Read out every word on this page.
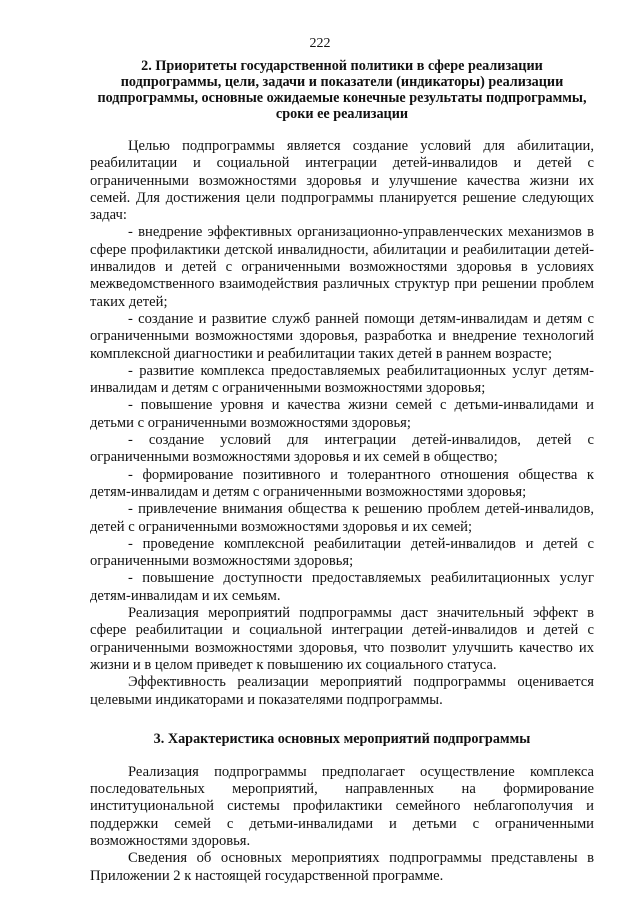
222
2. Приоритеты государственной политики в сфере реализации подпрограммы, цели, задачи и показатели (индикаторы) реализации подпрограммы, основные ожидаемые конечные результаты подпрограммы, сроки ее реализации

Целью подпрограммы является создание условий для абилитации, реабилитации и социальной интеграции детей-инвалидов и детей с ограниченными возможностями здоровья и улучшение качества жизни их семей. Для достижения цели подпрограммы планируется решение следующих задач:

- внедрение эффективных организационно-управленческих механизмов в сфере профилактики детской инвалидности, абилитации и реабилитации детей-инвалидов и детей с ограниченными возможностями здоровья в условиях межведомственного взаимодействия различных структур при решении проблем таких детей;

- создание и развитие служб ранней помощи детям-инвалидам и детям с ограниченными возможностями здоровья, разработка и внедрение технологий комплексной диагностики и реабилитации таких детей в раннем возрасте;

- развитие комплекса предоставляемых реабилитационных услуг детям-инвалидам и детям с ограниченными возможностями здоровья;

- повышение уровня и качества жизни семей с детьми-инвалидами и детьми с ограниченными возможностями здоровья;

- создание условий для интеграции детей-инвалидов, детей с ограниченными возможностями здоровья и их семей в общество;

- формирование позитивного и толерантного отношения общества к детям-инвалидам и детям с ограниченными возможностями здоровья;

- привлечение внимания общества к решению проблем детей-инвалидов, детей с ограниченными возможностями здоровья и их семей;

- проведение комплексной реабилитации детей-инвалидов и детей с ограниченными возможностями здоровья;

- повышение доступности предоставляемых реабилитационных услуг детям-инвалидам и их семьям.

Реализация мероприятий подпрограммы даст значительный эффект в сфере реабилитации и социальной интеграции детей-инвалидов и детей с ограниченными возможностями здоровья, что позволит улучшить качество их жизни и в целом приведет к повышению их социального статуса.

Эффективность реализации мероприятий подпрограммы оценивается целевыми индикаторами и показателями подпрограммы.

3. Характеристика основных мероприятий подпрограммы

Реализация подпрограммы предполагает осуществление комплекса последовательных мероприятий, направленных на формирование институциональной системы профилактики семейного неблагополучия и поддержки семей с детьми-инвалидами и детьми с ограниченными возможностями здоровья.

Сведения об основных мероприятиях подпрограммы представлены в Приложении 2 к настоящей государственной программе.
